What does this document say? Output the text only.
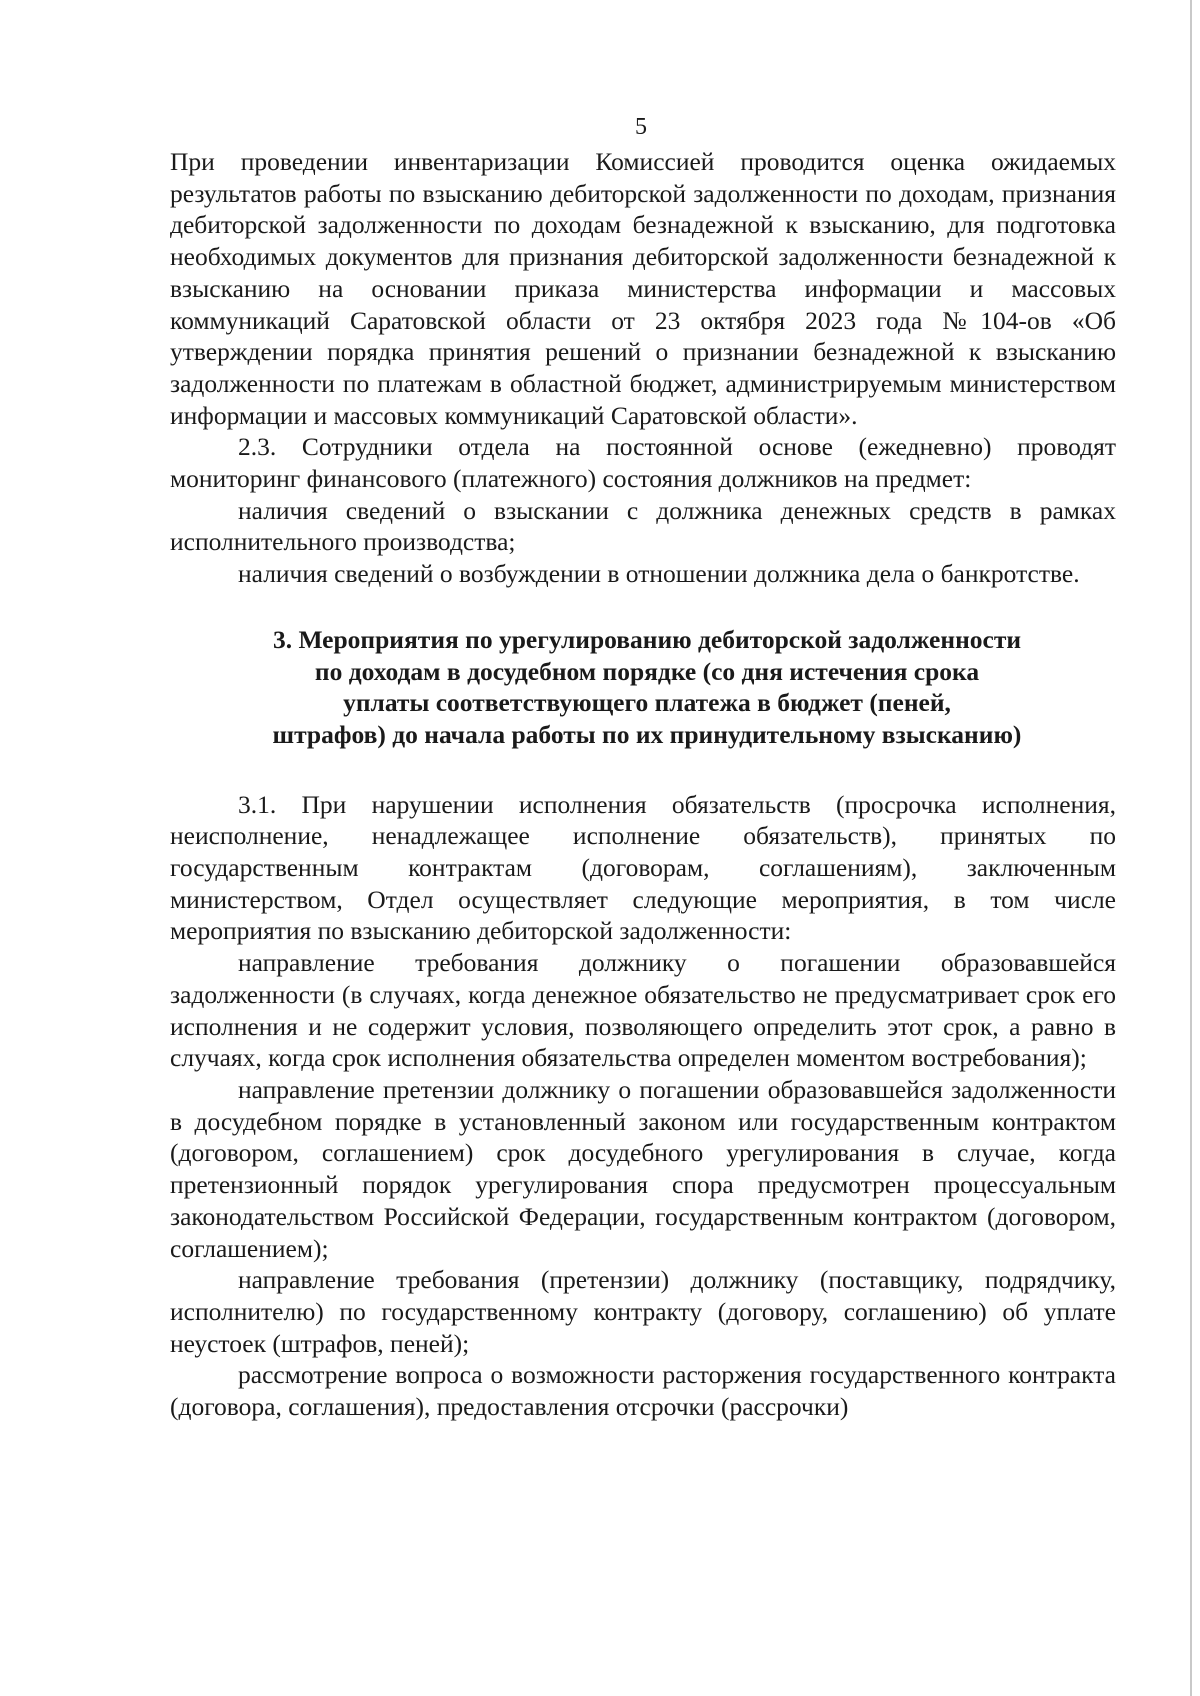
5

При проведении инвентаризации Комиссией проводится оценка ожидаемых результатов работы по взысканию дебиторской задолженности по доходам, признания дебиторской задолженности по доходам безнадежной к взысканию, для подготовка необходимых документов для признания дебиторской задолженности безнадежной к взысканию на основании приказа министерства информации и массовых коммуникаций Саратовской области от 23 октября 2023 года №104-ов «Об утверждении порядка принятия решений о признании безнадежной к взысканию задолженности по платежам в областной бюджет, администрируемым министерством информации и массовых коммуникаций Саратовской области».

2.3. Сотрудники отдела на постоянной основе (ежедневно) проводят мониторинг финансового (платежного) состояния должников на предмет:

наличия сведений о взыскании с должника денежных средств в рамках исполнительного производства;

наличия сведений о возбуждении в отношении должника дела о банкротстве.

3. Мероприятия по урегулированию дебиторской задолженности
по доходам в досудебном порядке (со дня истечения срока
уплаты соответствующего платежа в бюджет (пеней,
штрафов) до начала работы по их принудительному взысканию)

3.1. При нарушении исполнения обязательств (просрочка исполнения, неисполнение, ненадлежащее исполнение обязательств), принятых по государственным контрактам (договорам, соглашениям), заключенным министерством, Отдел осуществляет следующие мероприятия, в том числе мероприятия по взысканию дебиторской задолженности:

направление требования должнику о погашении образовавшейся задолженности (в случаях, когда денежное обязательство не предусматривает срок его исполнения и не содержит условия, позволяющего определить этот срок, а равно в случаях, когда срок исполнения обязательства определен моментом востребования);

направление претензии должнику о погашении образовавшейся задолженности в досудебном порядке в установленный законом или государственным контрактом (договором, соглашением) срок досудебного урегулирования в случае, когда претензионный порядок урегулирования спора предусмотрен процессуальным законодательством Российской Федерации, государственным контрактом (договором, соглашением);

направление требования (претензии) должнику (поставщику, подрядчику, исполнителю) по государственному контракту (договору, соглашению) об уплате неустоек (штрафов, пеней);

рассмотрение вопроса о возможности расторжения государственного контракта (договора, соглашения), предоставления отсрочки (рассрочки)
